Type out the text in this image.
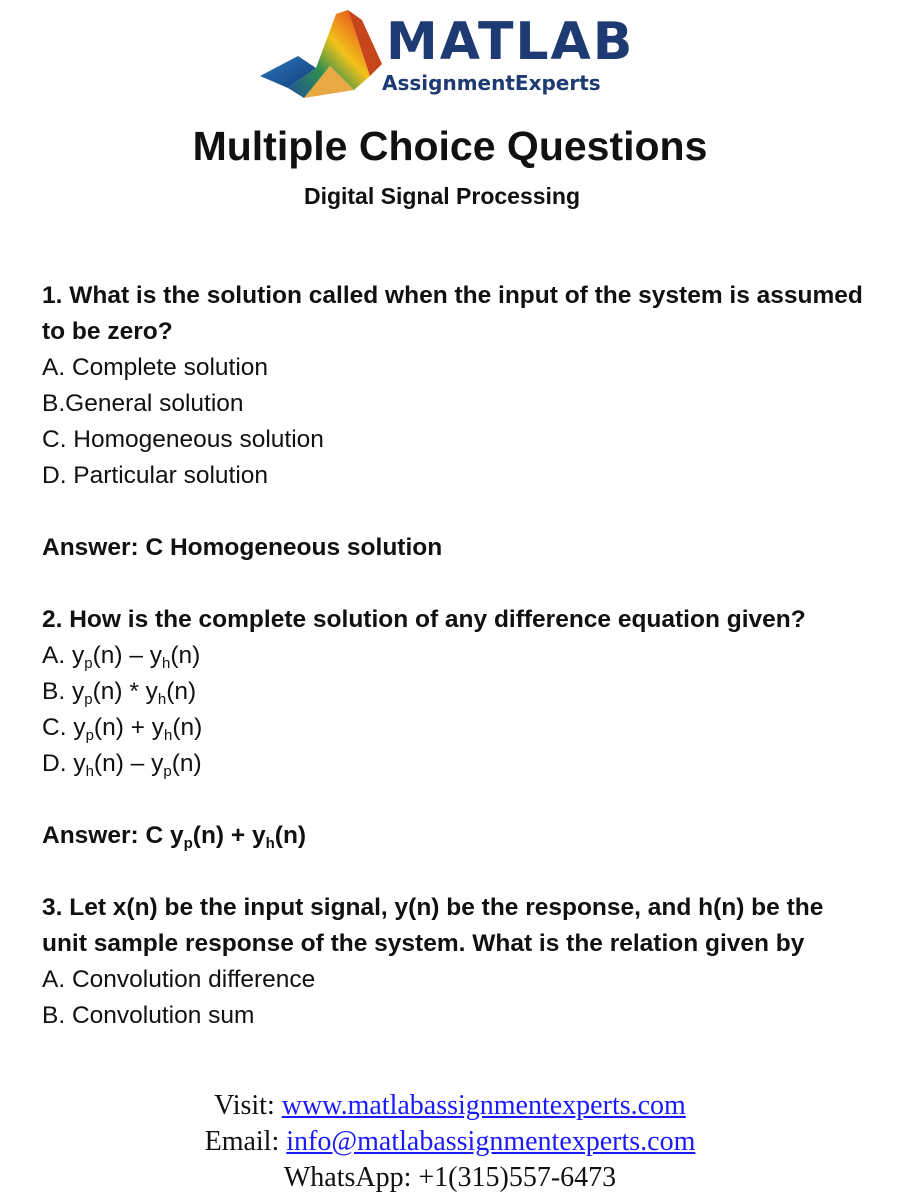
MATLAB
AssignmentExperts
Multiple Choice Questions
Digital Signal Processing

1. What is the solution called when the input of the system is assumed to be zero?

A. Complete solution

B.General solution

C. Homogeneous solution

D. Particular solution

Answer: C Homogeneous solution

2. How is the complete solution of any difference equation given?

A. $y_p(n) - y_h(n)$

B. $y_p(n) * y_h(n)$

C. $y_p(n) + y_h(n)$

D. $y_h(n) - y_p(n)$

Answer: C $y_p(n) + y_h(n)$

3. Let x(n) be the input signal, y(n) be the response, and h(n) be the unit sample response of the system. What is the relation given by

A. Convolution difference

B. Convolution sum

Visit: www.matlabassignmentexperts.com
Email: info@matlabassignmentexperts.com
WhatsApp: +1(315)557-6473
